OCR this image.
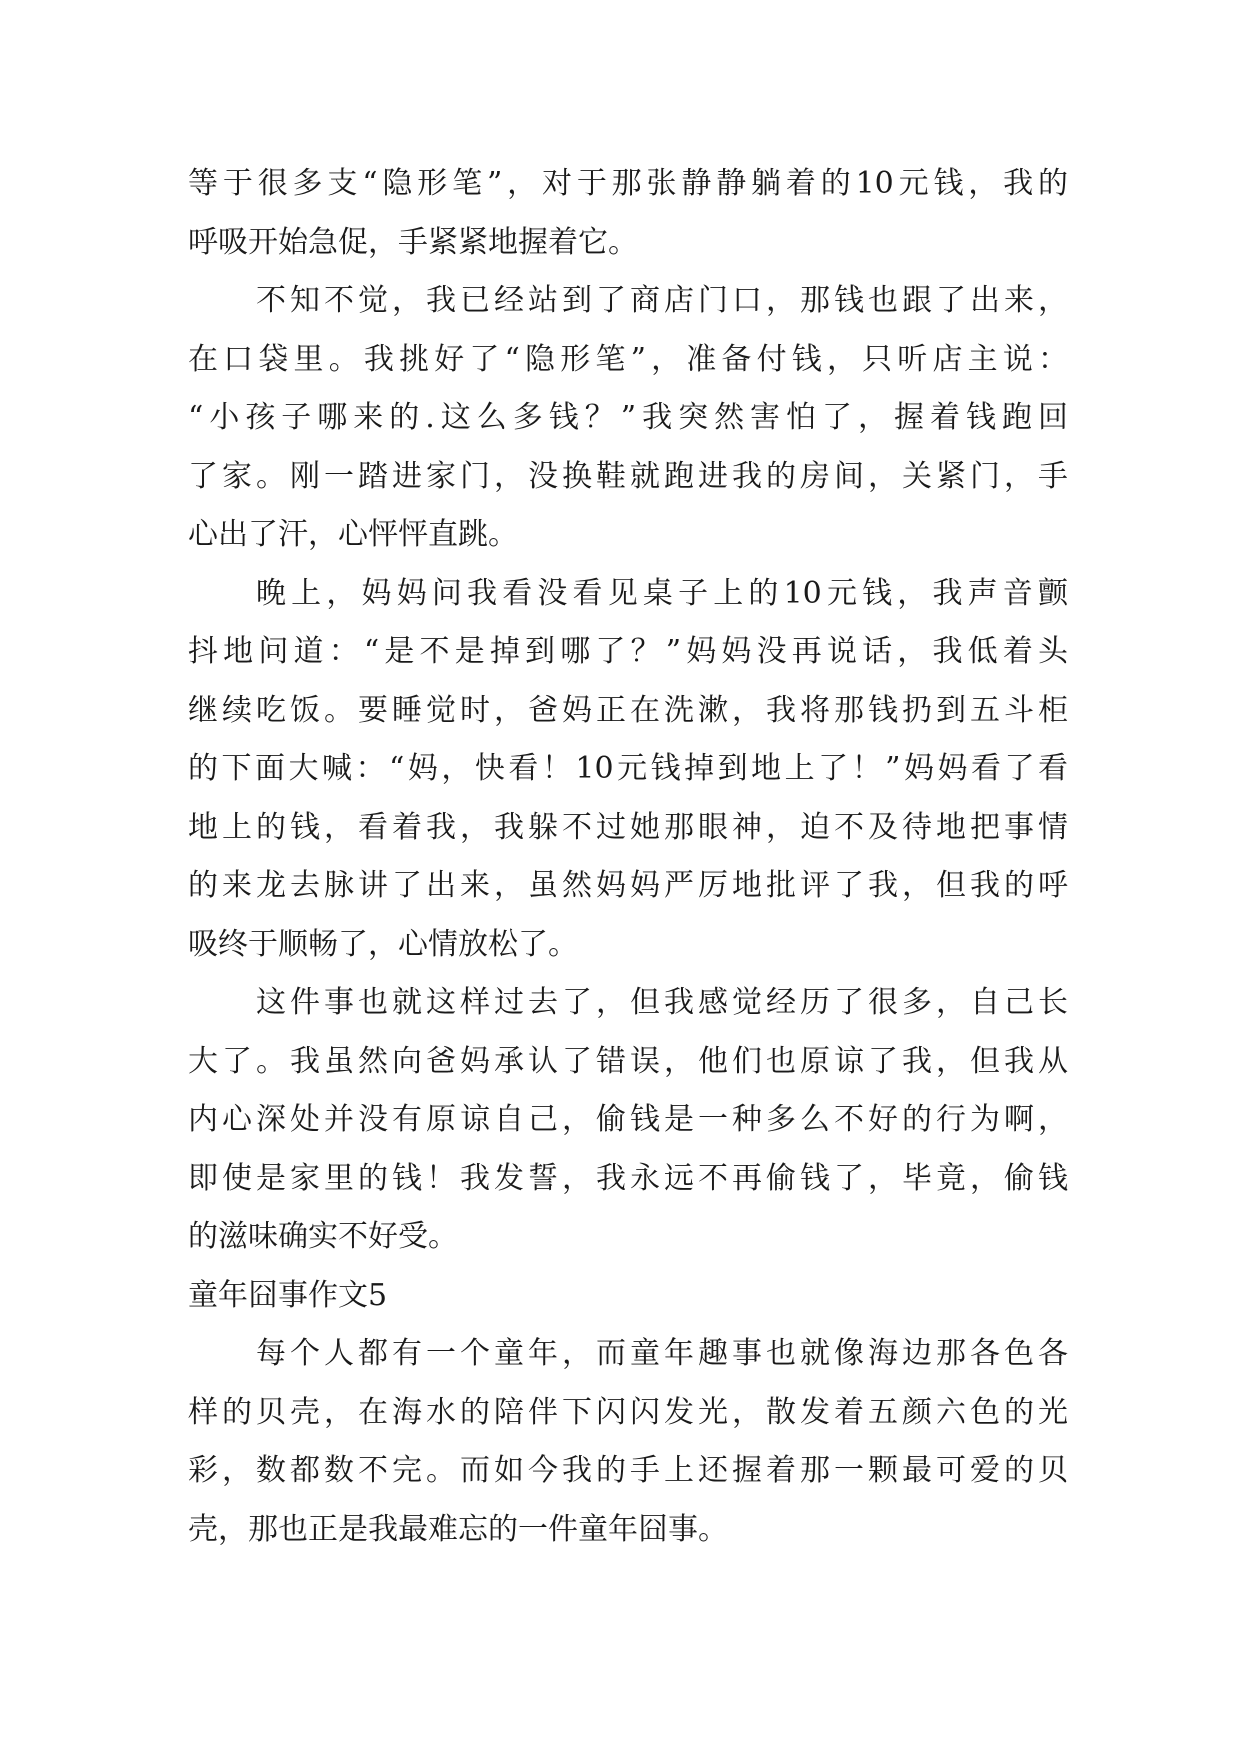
等于很多支“隐形笔”，对于那张静静躺着的10元钱，我的
呼吸开始急促，手紧紧地握着它。
不知不觉，我已经站到了商店门口，那钱也跟了出来，
在口袋里。我挑好了“隐形笔”，准备付钱，只听店主说：
“小孩子哪来的.这么多钱？”我突然害怕了，握着钱跑回
了家。刚一踏进家门，没换鞋就跑进我的房间，关紧门，手
心出了汗，心怦怦直跳。
晚上，妈妈问我看没看见桌子上的10元钱，我声音颤
抖地问道：“是不是掉到哪了？”妈妈没再说话，我低着头
继续吃饭。要睡觉时，爸妈正在洗漱，我将那钱扔到五斗柜
的下面大喊：“妈，快看！10元钱掉到地上了！”妈妈看了看
地上的钱，看着我，我躲不过她那眼神，迫不及待地把事情
的来龙去脉讲了出来，虽然妈妈严厉地批评了我，但我的呼
吸终于顺畅了，心情放松了。
这件事也就这样过去了，但我感觉经历了很多，自己长
大了。我虽然向爸妈承认了错误，他们也原谅了我，但我从
内心深处并没有原谅自己，偷钱是一种多么不好的行为啊，
即使是家里的钱！我发誓，我永远不再偷钱了，毕竟，偷钱
的滋味确实不好受。
童年囧事作文5
每个人都有一个童年，而童年趣事也就像海边那各色各
样的贝壳，在海水的陪伴下闪闪发光，散发着五颜六色的光
彩，数都数不完。而如今我的手上还握着那一颗最可爱的贝
壳，那也正是我最难忘的一件童年囧事。
